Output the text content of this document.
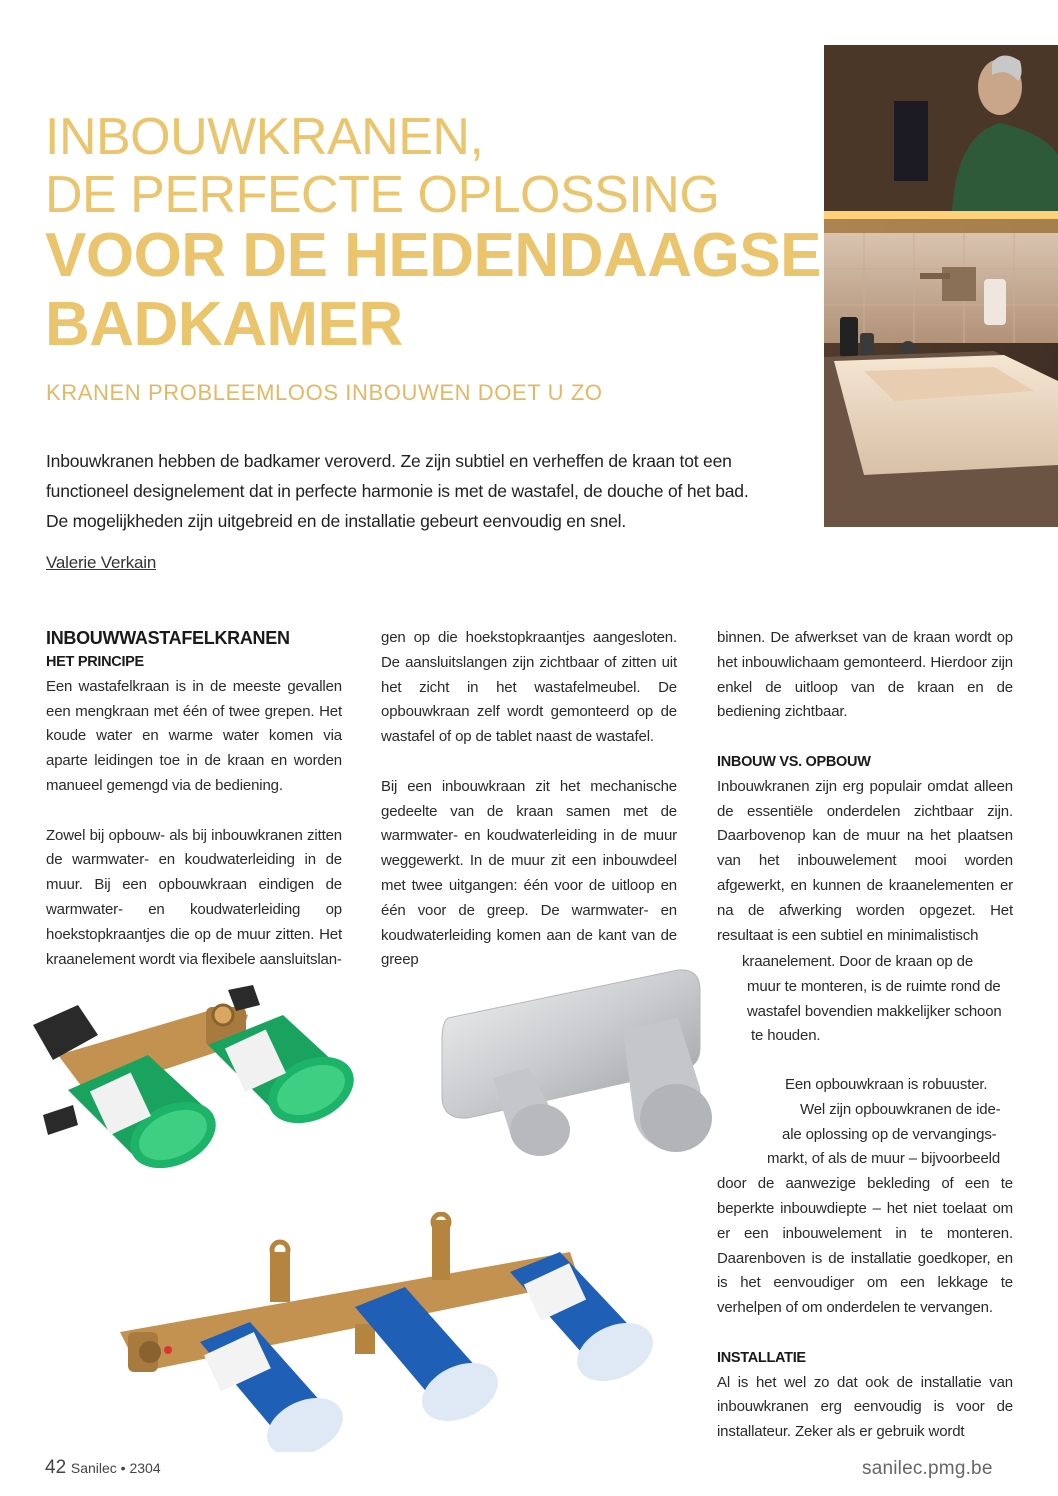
INBOUWKRANEN,
DE PERFECTE OPLOSSING
VOOR DE HEDENDAAGSE
BADKAMER
KRANEN PROBLEEMLOOS INBOUWEN DOET U ZO
Inbouwkranen hebben de badkamer veroverd. Ze zijn subtiel en verheffen de kraan tot een
functioneel designelement dat in perfecte harmonie is met de wastafel, de douche of het bad.
De mogelijkheden zijn uitgebreid en de installatie gebeurt eenvoudig en snel.
Valerie Verkain
INBOUWWASTAFELKRANEN
HET PRINCIPE

Een wastafelkraan is in de meeste gevallen een mengkraan met één of twee grepen. Het koude water en warme water komen via aparte leidingen toe in de kraan en worden manueel gemengd via de bediening.

Zowel bij opbouw- als bij inbouwkranen zitten de warmwater- en koudwaterleiding in de muur. Bij een opbouwkraan eindigen de warmwater- en koudwaterleiding op hoekstopkraantjes die op de muur zitten. Het kraanelement wordt via flexibele aansluitslan-

gen op die hoekstopkraantjes aangesloten. De aansluitslangen zijn zichtbaar of zitten uit het zicht in het wastafelmeubel. De opbouwkraan zelf wordt gemonteerd op de wastafel of op de tablet naast de wastafel.

Bij een inbouwkraan zit het mechanische gedeelte van de kraan samen met de warmwater- en koudwaterleiding in de muur weggewerkt. In de muur zit een inbouwdeel met twee uitgangen: één voor de uitloop en één voor de greep. De warmwater- en koudwaterleiding komen aan de kant van de greep

binnen. De afwerkset van de kraan wordt op het inbouwlichaam gemonteerd. Hierdoor zijn enkel de uitloop van de kraan en de bediening zichtbaar.

INBOUW VS. OPBOUW

Inbouwkranen zijn erg populair omdat alleen de essentiële onderdelen zichtbaar zijn. Daarbovenop kan de muur na het plaatsen van het inbouwelement mooi worden afgewerkt, en kunnen de kraanelementen er na de afwerking worden opgezet. Het resultaat is een subtiel en minimalistisch

kraanelement. Door de kraan op de
muur te monteren, is de ruimte rond de
wastafel bovendien makkelijker schoon
te houden.
Een opbouwkraan is robuuster.
Wel zijn opbouwkranen de ide-
ale oplossing op de vervangings-
markt, of als de muur – bijvoorbeeld

door de aanwezige bekleding of een te beperkte inbouwdiepte – het niet toelaat om er een inbouwelement in te monteren. Daarenboven is de installatie goedkoper, en is het eenvoudiger om een lekkage te verhelpen of om onderdelen te vervangen.

INSTALLATIE

Al is het wel zo dat ook de installatie van inbouwkranen erg eenvoudig is voor de installateur. Zeker als er gebruik wordt

42 Sanilec • 2304	sanilec.pmg.be
